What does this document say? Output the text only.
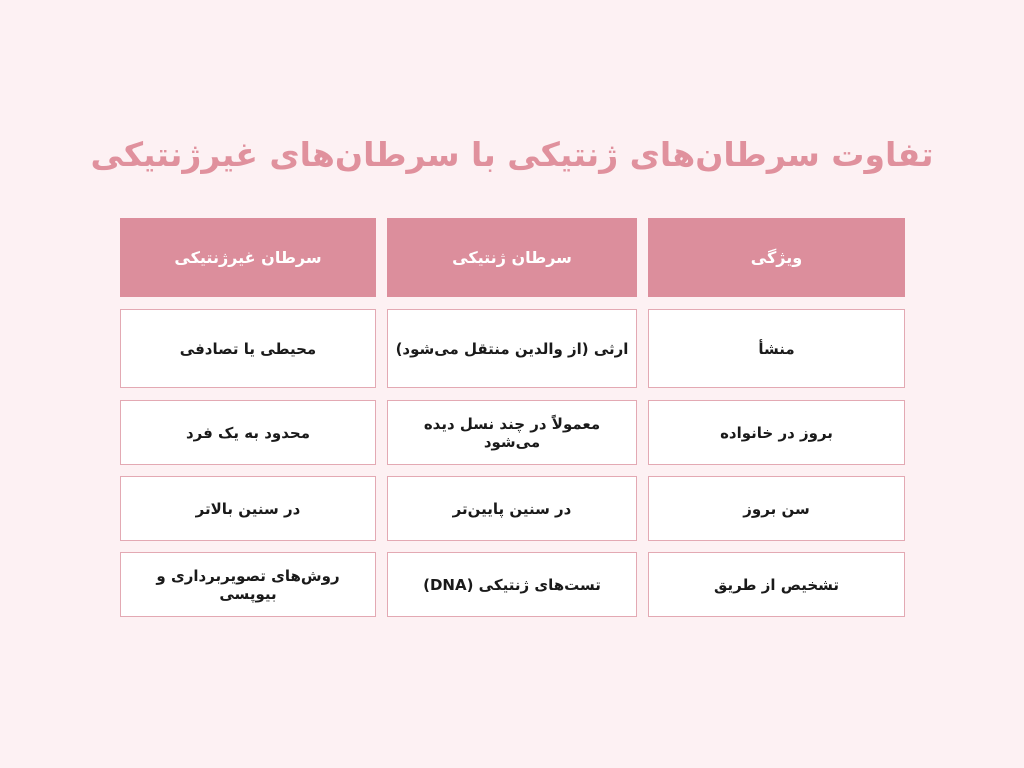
تفاوت سرطان‌های ژنتیکی با سرطان‌های غیرژنتیکی
ویژگی
سرطان ژنتیکی
سرطان غیرژنتیکی
منشأ
ارثی (از والدین منتقل می‌شود)
محیطی یا تصادفی
بروز در خانواده
معمولاً در چند نسل دیده می‌شود
محدود به یک فرد
سن بروز
در سنین پایین‌تر
در سنین بالاتر
تشخیص از طریق
تست‌های ژنتیکی (DNA)
روش‌های تصویربرداری و بیوپسی
